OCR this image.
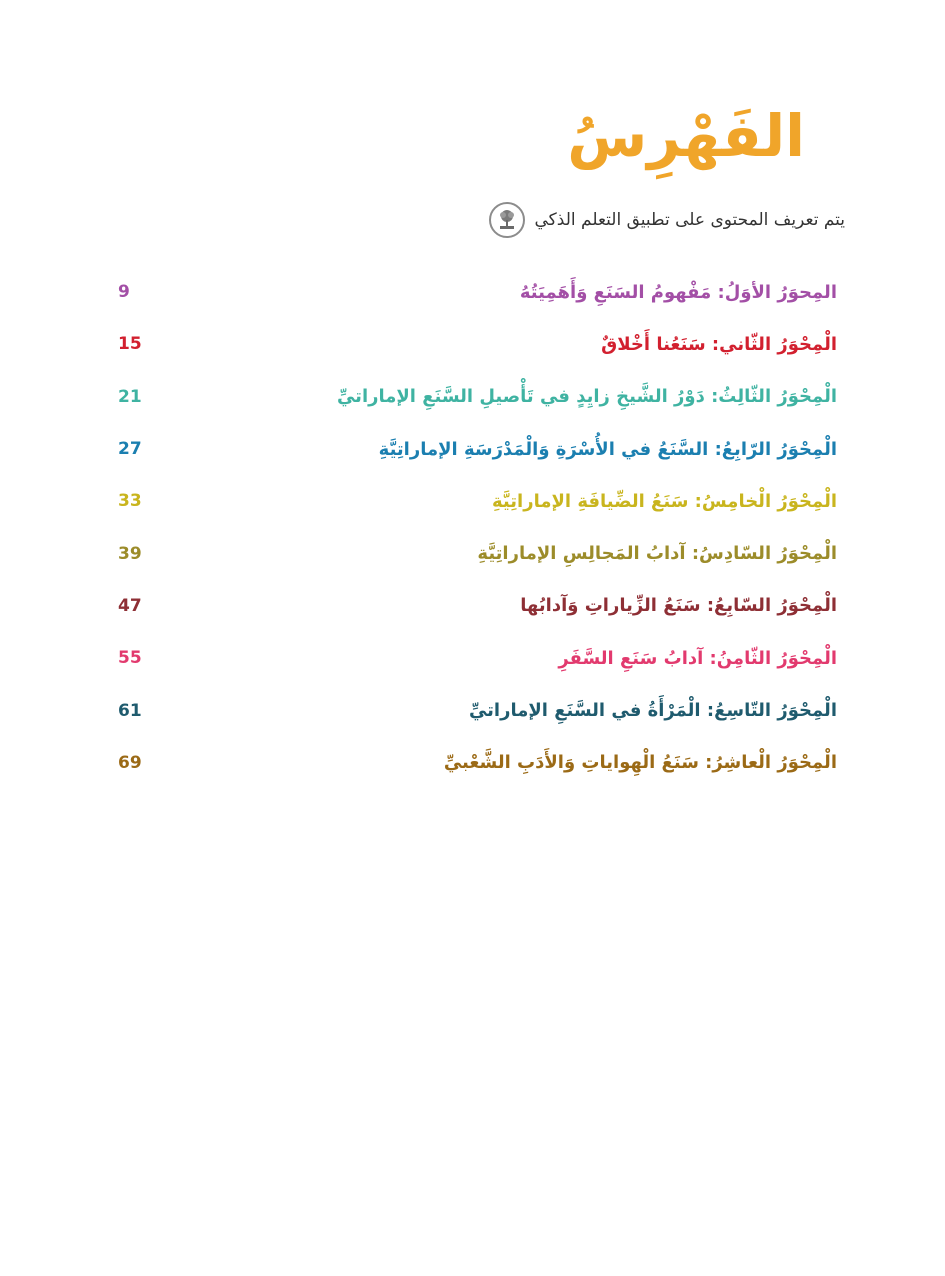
الفَهْرِسُ
يتم تعريف المحتوى على تطبيق التعلم الذكي
9	المِحوَرُ الأوَلُ: مَفْهومُ السَنَعِ وَأَهَمِيَتُهُ
15	الْمِحْوَرُ الثّاني: سَنَعُنا أَخْلاقٌ
21	الْمِحْوَرُ الثّالِثُ: دَوْرُ الشَّيخِ زايِدٍ في تَأْصيلِ السَّنَعِ الإماراتيِّ
27	الْمِحْوَرُ الرّابِعُ: السَّنَعُ في الأُسْرَةِ وَالْمَدْرَسَةِ الإماراتِيَّةِ
33	الْمِحْوَرُ الْخامِسُ: سَنَعُ الضِّيافَةِ الإماراتِيَّةِ
39	الْمِحْوَرُ السّادِسُ: آدابُ المَجالِسِ الإماراتِيَّةِ
47	الْمِحْوَرُ السّابِعُ: سَنَعُ الزِّياراتِ وَآدابُها
55	الْمِحْوَرُ الثّامِنُ: آدابُ سَنَعِ السَّفَرِ
61	الْمِحْوَرُ التّاسِعُ: الْمَرْأَةُ في السَّنَعِ الإماراتيِّ
69	الْمِحْوَرُ الْعاشِرُ: سَنَعُ الْهِواياتِ وَالأَدَبِ الشَّعْبيِّ
